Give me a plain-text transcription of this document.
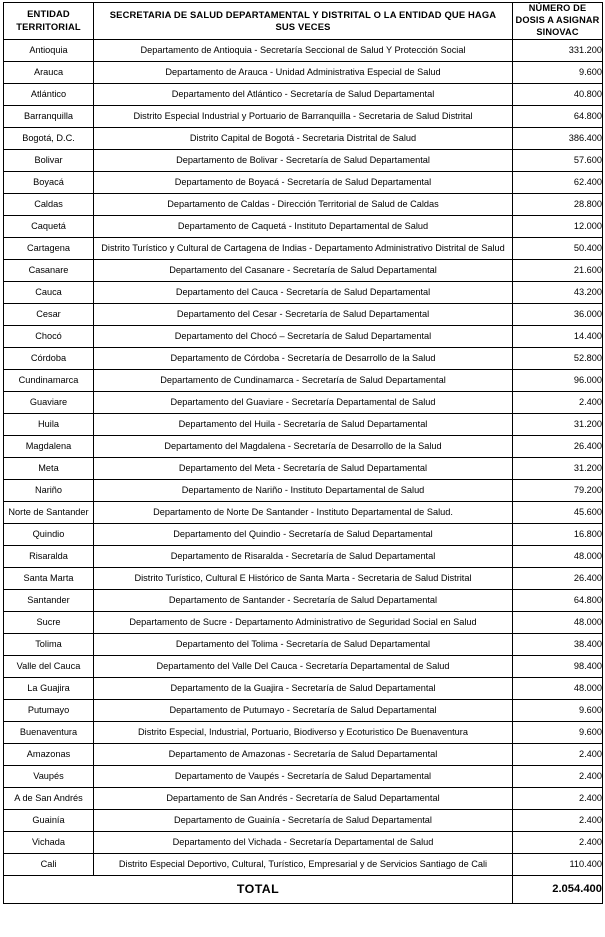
ENTIDAD TERRITORIAL	SECRETARIA DE SALUD DEPARTAMENTAL Y DISTRITAL O LA ENTIDAD QUE HAGA SUS VECES	NÚMERO DE DOSIS A ASIGNAR SINOVAC
Antioquia	Departamento de Antioquia - Secretaría Seccional de Salud Y Protección Social	331.200
Arauca	Departamento de Arauca - Unidad Administrativa Especial de Salud	9.600
Atlántico	Departamento del Atlántico - Secretaría de Salud Departamental	40.800
Barranquilla	Distrito Especial Industrial y Portuario de Barranquilla - Secretaria de Salud Distrital	64.800
Bogotá, D.C.	Distrito Capital de Bogotá - Secretaria Distrital de Salud	386.400
Bolivar	Departamento de Bolivar - Secretaría de Salud Departamental	57.600
Boyacá	Departamento de Boyacá - Secretaría de Salud Departamental	62.400
Caldas	Departamento de Caldas - Dirección Territorial de Salud de Caldas	28.800
Caquetá	Departamento de Caquetá - Instituto Departamental de Salud	12.000
Cartagena	Distrito Turístico y Cultural de Cartagena de Indias - Departamento Administrativo Distrital de Salud	50.400
Casanare	Departamento del Casanare - Secretaría de Salud Departamental	21.600
Cauca	Departamento del Cauca - Secretaría de Salud Departamental	43.200
Cesar	Departamento del Cesar - Secretaría de Salud Departamental	36.000
Chocó	Departamento del Chocó – Secretaría de Salud Departamental	14.400
Córdoba	Departamento de Córdoba - Secretaría de Desarrollo de la Salud	52.800
Cundinamarca	Departamento de Cundinamarca - Secretaría de Salud Departamental	96.000
Guaviare	Departamento del Guaviare - Secretaría Departamental de Salud	2.400
Huila	Departamento del Huila - Secretaría de Salud Departamental	31.200
Magdalena	Departamento del Magdalena - Secretaría de Desarrollo de la Salud	26.400
Meta	Departamento del Meta - Secretaría de Salud Departamental	31.200
Nariño	Departamento de Nariño - Instituto Departamental de Salud	79.200
Norte de Santander	Departamento de Norte De Santander - Instituto Departamental de Salud.	45.600
Quindio	Departamento del Quindio - Secretaría de Salud Departamental	16.800
Risaralda	Departamento de Risaralda - Secretaría de Salud Departamental	48.000
Santa Marta	Distrito Turístico, Cultural E Histórico de Santa Marta - Secretaria de Salud Distrital	26.400
Santander	Departamento de Santander - Secretaría de Salud Departamental	64.800
Sucre	Departamento de Sucre - Departamento Administrativo de Seguridad Social en Salud	48.000
Tolima	Departamento del Tolima - Secretaría de Salud Departamental	38.400
Valle del Cauca	Departamento del Valle Del Cauca - Secretaría Departamental de Salud	98.400
La Guajira	Departamento de la Guajira - Secretaría de Salud Departamental	48.000
Putumayo	Departamento de Putumayo - Secretaría de Salud Departamental	9.600
Buenaventura	Distrito Especial, Industrial, Portuario, Biodiverso y Ecoturistico De Buenaventura	9.600
Amazonas	Departamento de Amazonas - Secretaría de Salud Departamental	2.400
Vaupés	Departamento de Vaupés - Secretaría de Salud Departamental	2.400
A de San Andrés	Departamento de San Andrés - Secretaría de Salud Departamental	2.400
Guainía	Departamento de Guainía - Secretaría de Salud Departamental	2.400
Vichada	Departamento del Vichada - Secretaría Departamental de Salud	2.400
Cali	Distrito Especial Deportivo, Cultural, Turístico, Empresarial y de Servicios Santiago de Cali	110.400
TOTAL		2.054.400
